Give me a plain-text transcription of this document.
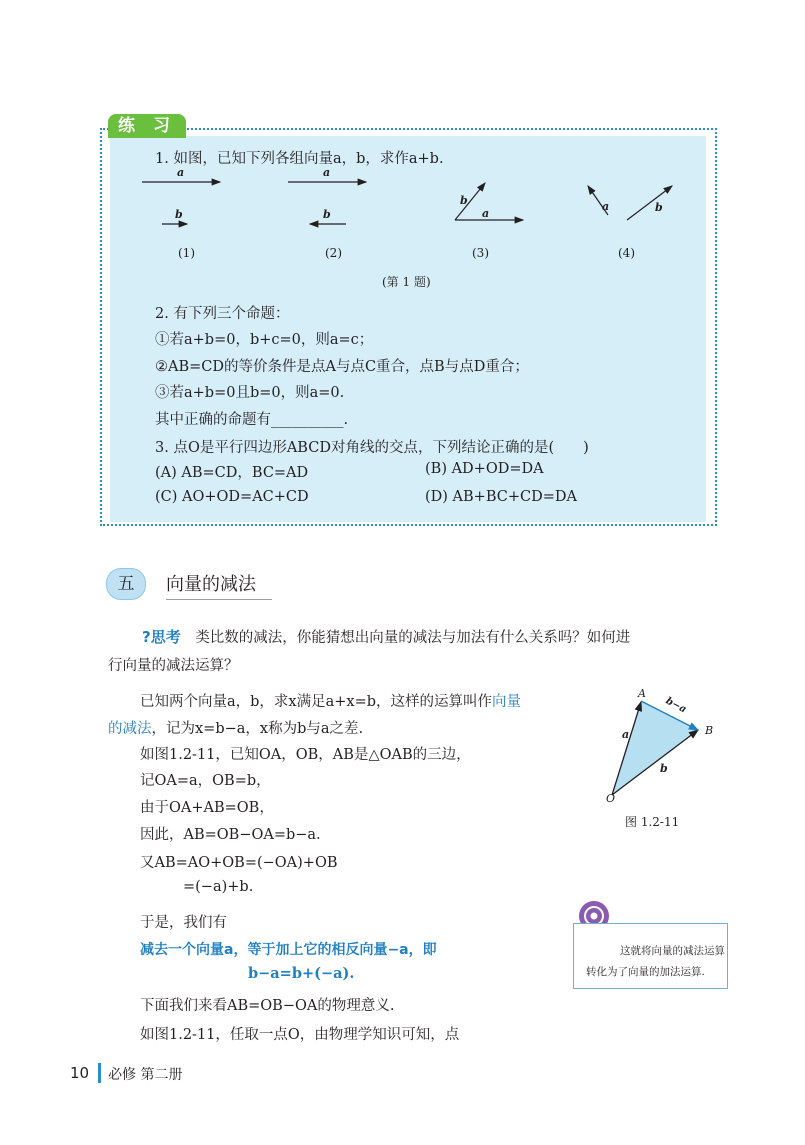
练 习
1. 如图，已知下列各组向量a，b，求作a+b.
a
b
a
b
b
a
a	b
(1)	(2)	(3)	(4)
(第 1 题)
2. 有下列三个命题：
①若a+b=0，b+c=0，则a=c；
②AB=CD的等价条件是点A与点C重合，点B与点D重合；
③若a+b=0且b=0，则a=0.
其中正确的命题有__________.
3. 点O是平行四边形ABCD对角线的交点，下列结论正确的是(　　)
(A) AB=CD，BC=AD	(B) AD+OD=DA
(C) AO+OD=AC+CD	(D) AB+BC+CD=DA
五	向量的减法
?思考 类比数的减法，你能猜想出向量的减法与加法有什么关系吗？如何进
行向量的减法运算？
已知两个向量a，b，求x满足a+x=b，这样的运算叫作向量
的减法，记为x=b−a，x称为b与a之差.
如图1.2-11，已知OA，OB，AB是△OAB的三边，
记OA=a，OB=b，
由于OA+AB=OB，
因此，AB=OB−OA=b−a.
又AB=AO+OB=(−OA)+OB
=(−a)+b.
于是，我们有
减去一个向量a，等于加上它的相反向量−a，即
b−a=b+(−a).
下面我们来看AB=OB−OA的物理意义.
如图1.2-11，任取一点O，由物理学知识可知，点
A
B
O
a
b
b−a
图 1.2-11
这就将向量的减法运算
转化为了向量的加法运算.
10 必修 第二册
